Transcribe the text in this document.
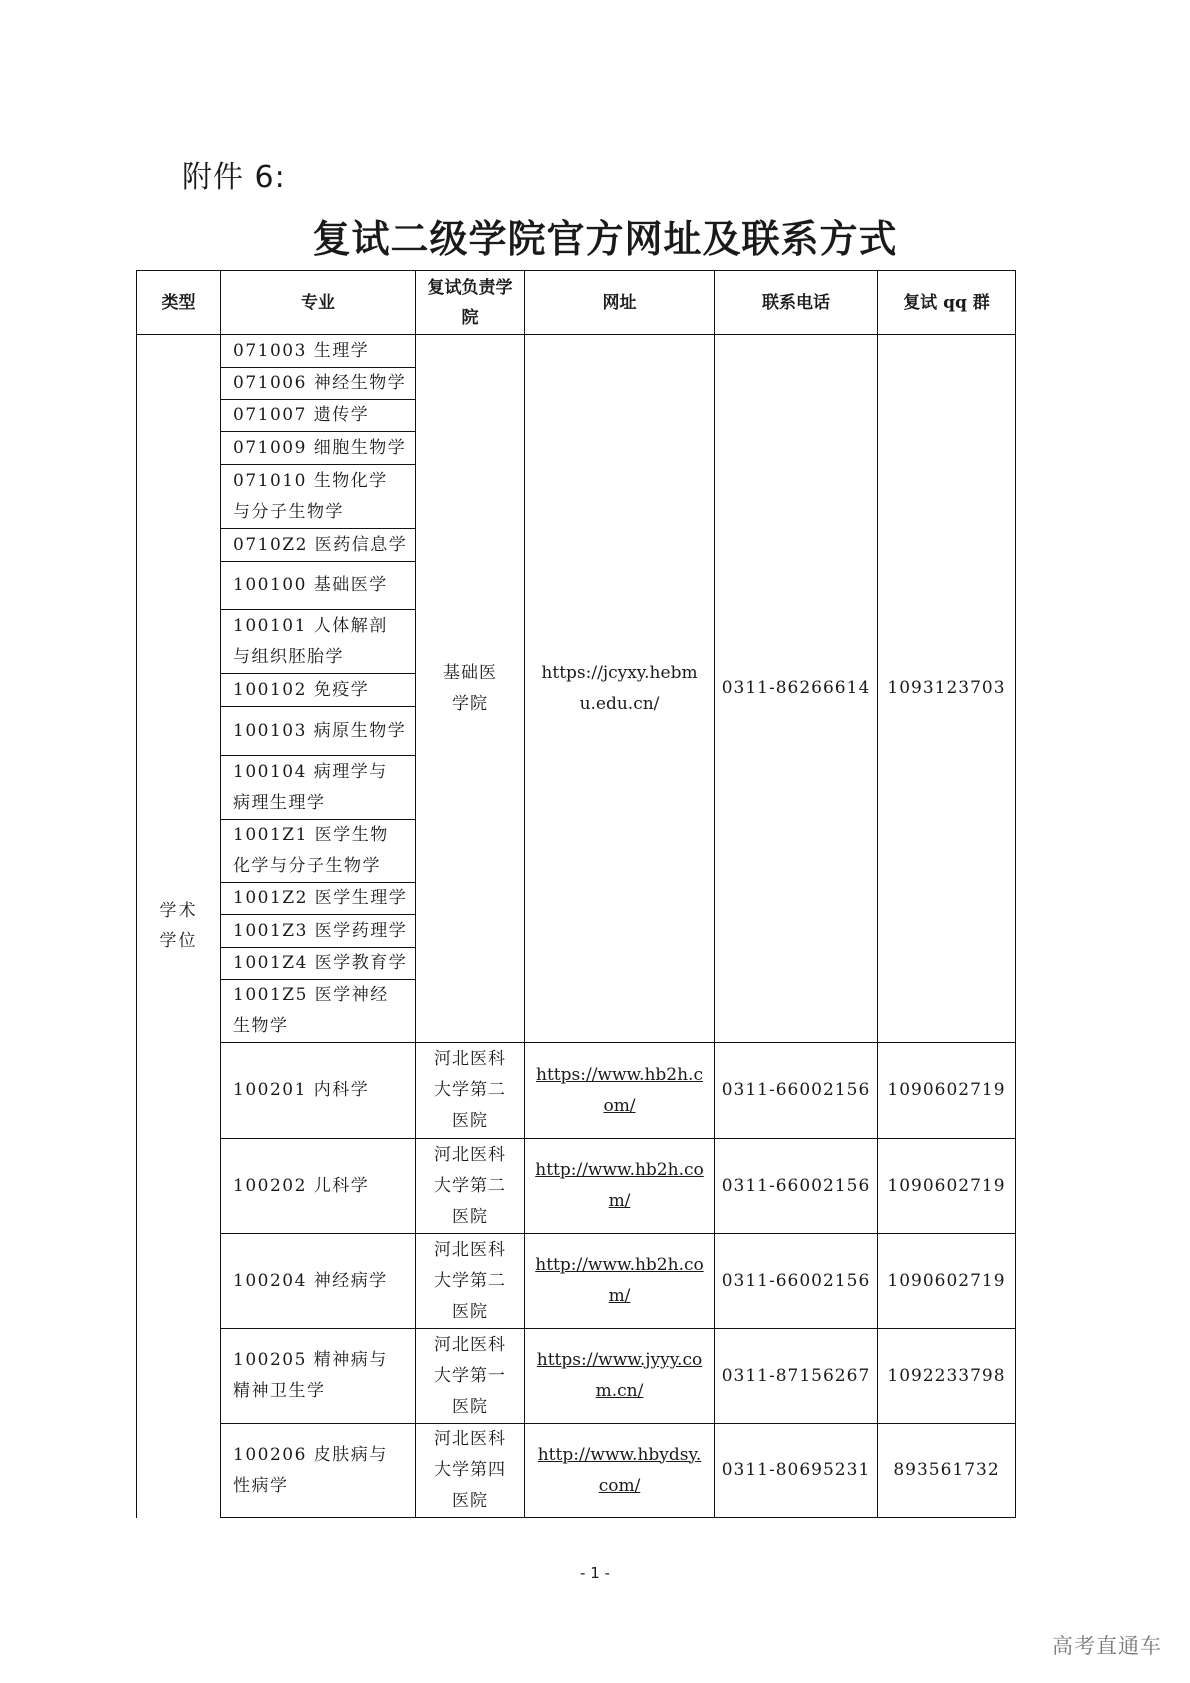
附件 6:
复试二级学院官方网址及联系方式
类型	专业	复试负责学院	网址	联系电话	复试 qq 群
学术学位	071003 生理学	基础医学院	https://jcyxy.hebmu.edu.cn/	0311-86266614	1093123703
	071006 神经生物学				
	071007 遗传学				
	071009 细胞生物学				
	071010 生物化学与分子生物学				
	0710Z2 医药信息学				
	100100 基础医学				
	100101 人体解剖与组织胚胎学				
	100102 免疫学				
	100103 病原生物学				
	100104 病理学与病理生理学				
	1001Z1 医学生物化学与分子生物学				
	1001Z2 医学生理学				
	1001Z3 医学药理学				
	1001Z4 医学教育学				
	1001Z5 医学神经生物学				
	100201 内科学	河北医科大学第二医院	https://www.hb2h.com/	0311-66002156	1090602719
	100202 儿科学	河北医科大学第二医院	http://www.hb2h.com/	0311-66002156	1090602719
	100204 神经病学	河北医科大学第二医院	http://www.hb2h.com/	0311-66002156	1090602719
	100205 精神病与精神卫生学	河北医科大学第一医院	https://www.jyyy.com.cn/	0311-87156267	1092233798
	100206 皮肤病与性病学	河北医科大学第四医院	http://www.hbydsy.com/	0311-80695231	893561732
- 1 -
高考直通车
